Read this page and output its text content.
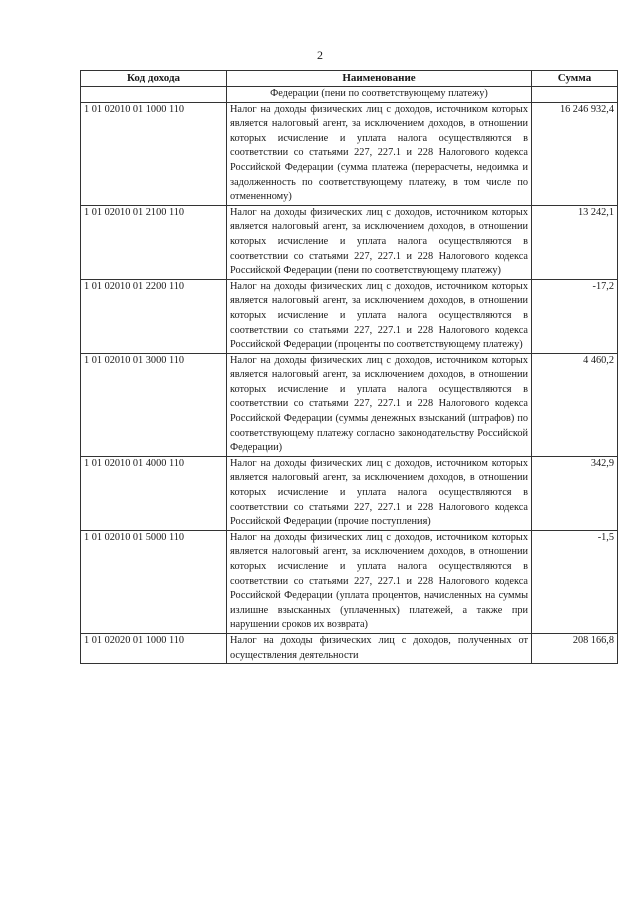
2
Код дохода	Наименование	Сумма
	Федерации (пени по соответствующему платежу)	
1 01 02010 01 1000 110	Налог на доходы физических лиц с доходов, источником которых является налоговый агент, за исключением доходов, в отношении которых исчисление и уплата налога осуществляются в соответствии со статьями 227, 227.1 и 228 Налогового кодекса Российской Федерации (сумма платежа (перерасчеты, недоимка и задолженность по соответствующему платежу, в том числе по отмененному)	16 246 932,4
1 01 02010 01 2100 110	Налог на доходы физических лиц с доходов, источником которых является налоговый агент, за исключением доходов, в отношении которых исчисление и уплата налога осуществляются в соответствии со статьями 227, 227.1 и 228 Налогового кодекса Российской Федерации (пени по соответствующему платежу)	13 242,1
1 01 02010 01 2200 110	Налог на доходы физических лиц с доходов, источником которых является налоговый агент, за исключением доходов, в отношении которых исчисление и уплата налога осуществляются в соответствии со статьями 227, 227.1 и 228 Налогового кодекса Российской Федерации (проценты по соответствующему платежу)	-17,2
1 01 02010 01 3000 110	Налог на доходы физических лиц с доходов, источником которых является налоговый агент, за исключением доходов, в отношении которых исчисление и уплата налога осуществляются в соответствии со статьями 227, 227.1 и 228 Налогового кодекса Российской Федерации (суммы денежных взысканий (штрафов) по соответствующему платежу согласно законодательству Российской Федерации)	4 460,2
1 01 02010 01 4000 110	Налог на доходы физических лиц с доходов, источником которых является налоговый агент, за исключением доходов, в отношении которых исчисление и уплата налога осуществляются в соответствии со статьями 227, 227.1 и 228 Налогового кодекса Российской Федерации (прочие поступления)	342,9
1 01 02010 01 5000 110	Налог на доходы физических лиц с доходов, источником которых является налоговый агент, за исключением доходов, в отношении которых исчисление и уплата налога осуществляются в соответствии со статьями 227, 227.1 и 228 Налогового кодекса Российской Федерации (уплата процентов, начисленных на суммы излишне взысканных (уплаченных) платежей, а также при нарушении сроков их возврата)	-1,5
1 01 02020 01 1000 110	Налог на доходы физических лиц с доходов, полученных от осуществления деятельности	208 166,8
